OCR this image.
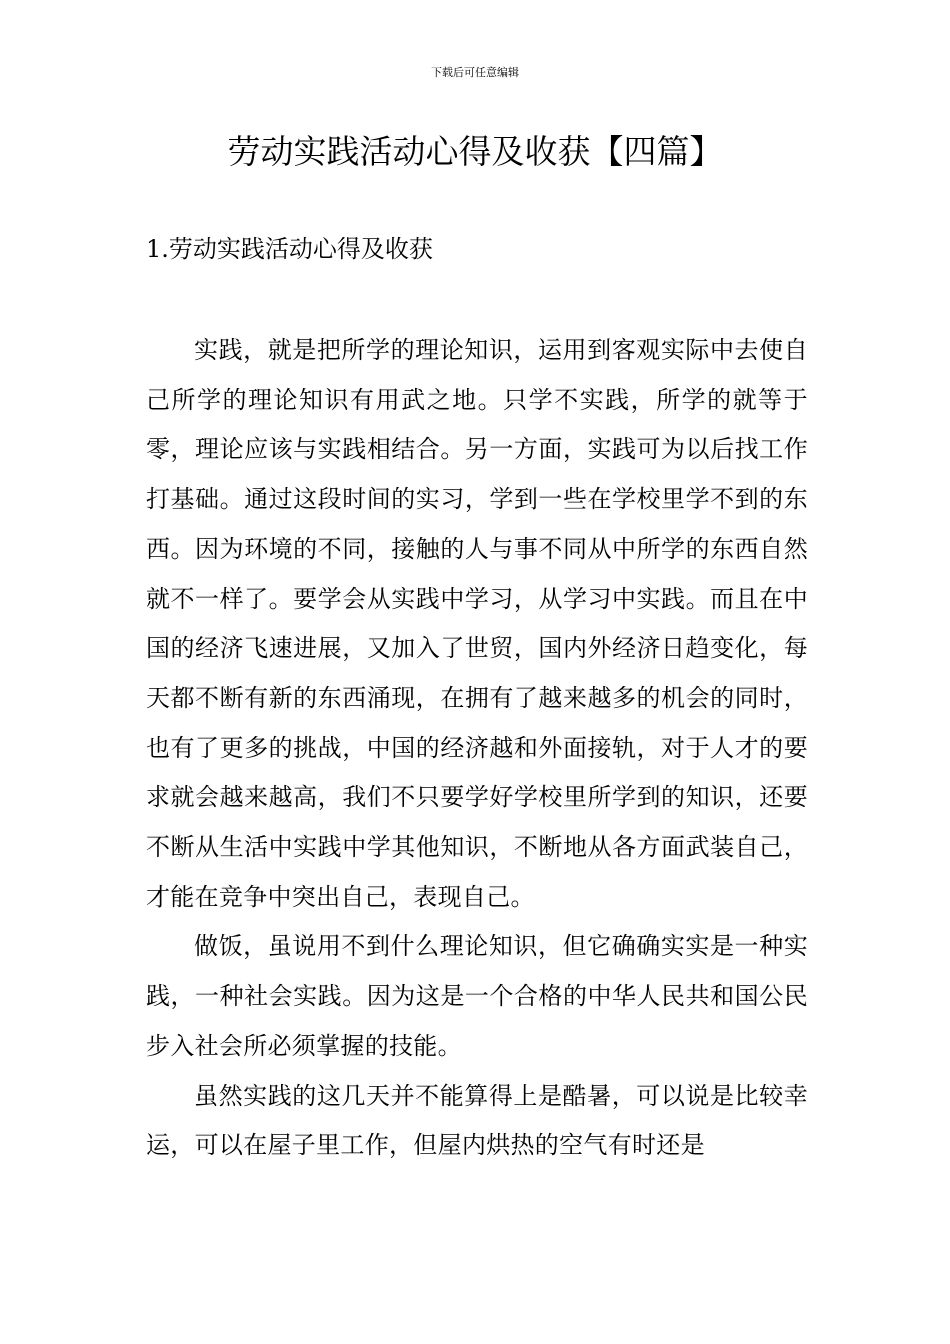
下载后可任意编辑
劳动实践活动心得及收获【四篇】
1.劳动实践活动心得及收获

实践，就是把所学的理论知识，运用到客观实际中去使自己所学的理论知识有用武之地。只学不实践，所学的就等于零，理论应该与实践相结合。另一方面，实践可为以后找工作打基础。通过这段时间的实习，学到一些在学校里学不到的东西。因为环境的不同，接触的人与事不同从中所学的东西自然就不一样了。要学会从实践中学习，从学习中实践。而且在中国的经济飞速进展，又加入了世贸，国内外经济日趋变化，每天都不断有新的东西涌现，在拥有了越来越多的机会的同时，也有了更多的挑战，中国的经济越和外面接轨，对于人才的要求就会越来越高，我们不只要学好学校里所学到的知识，还要不断从生活中实践中学其他知识，不断地从各方面武装自己，才能在竞争中突出自己，表现自己。

做饭，虽说用不到什么理论知识，但它确确实实是一种实践，一种社会实践。因为这是一个合格的中华人民共和国公民步入社会所必须掌握的技能。

虽然实践的这几天并不能算得上是酷暑，可以说是比较幸运，可以在屋子里工作，但屋内烘热的空气有时还是
